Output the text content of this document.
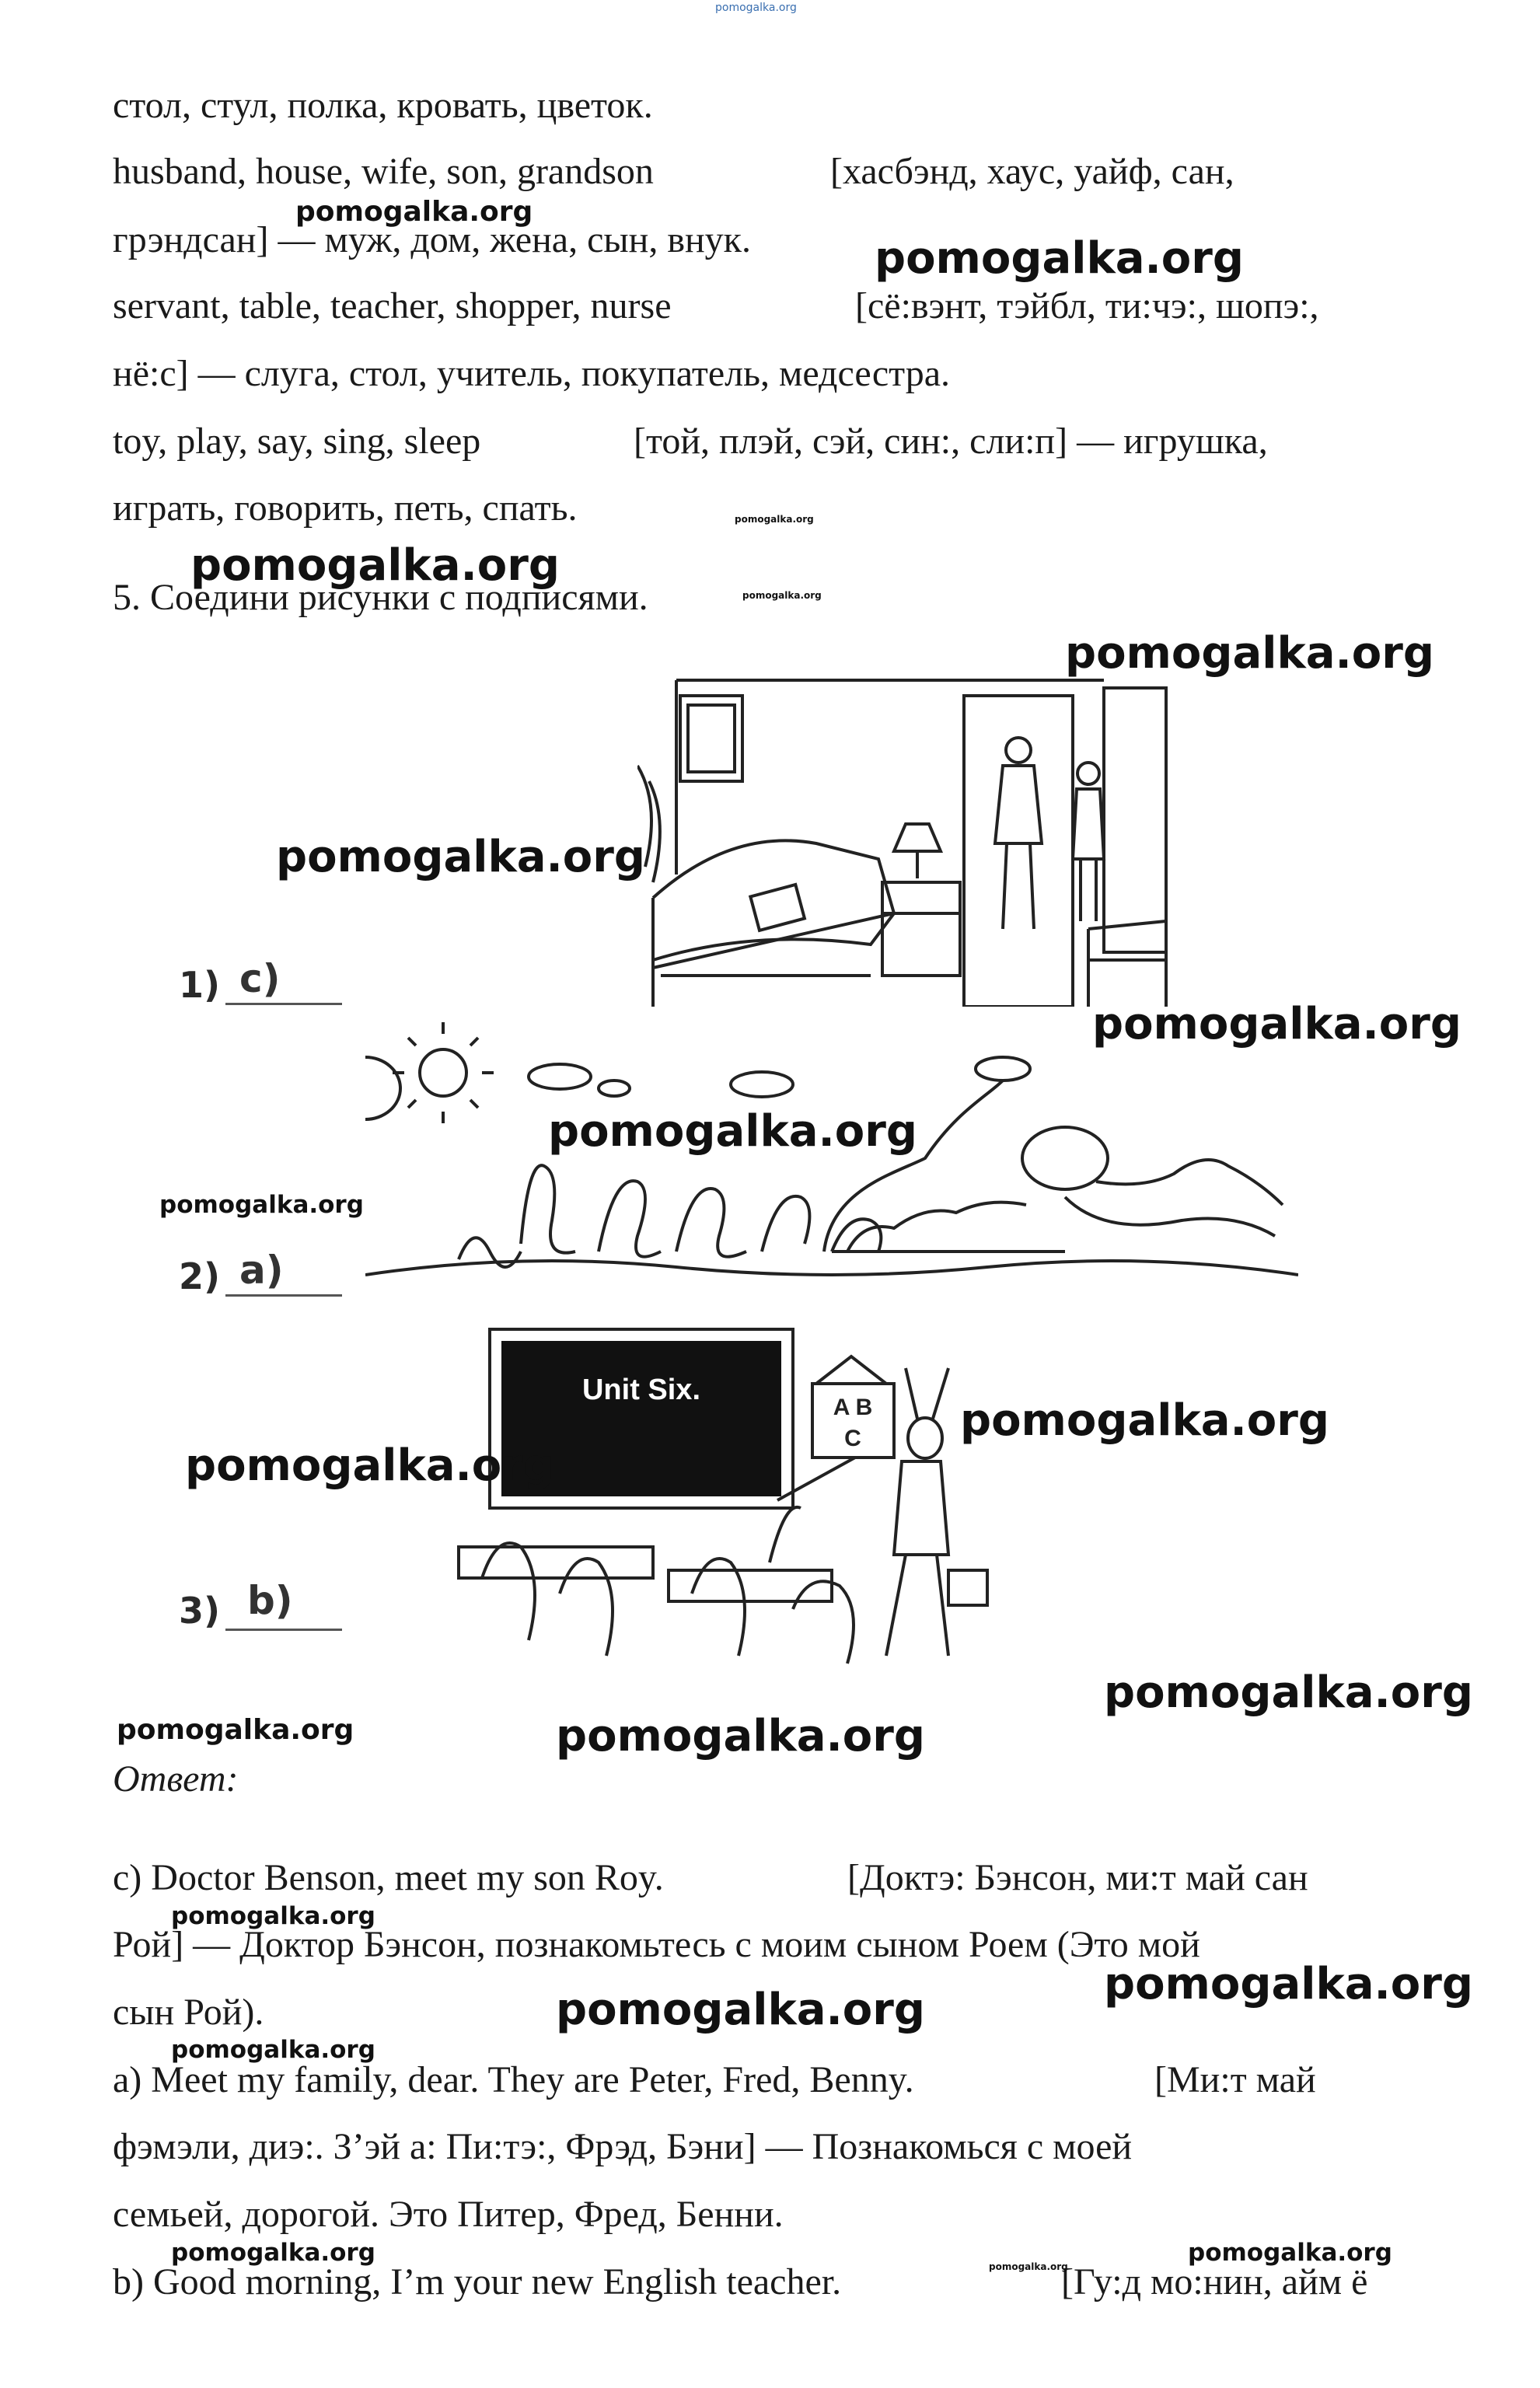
pomogalka.org
стол, стул, полка, кровать, цветок.
husband, house, wife, son, grandson	[хасбэнд, хаус, уайф, сан,
грэндсан] — муж, дом, жена, сын, внук.
servant, table, teacher, shopper, nurse	[сё:вэнт, тэйбл, ти:чэ:, шопэ:,
нё:с] — слуга, стол, учитель, покупатель, медсестра.
toy, play, say, sing, sleep	[той, плэй, сэй, син:, сли:п] — игрушка,
играть, говорить, петь, спать.
5. Соедини рисунки с подписями.
1) c)
2) a)
Unit Six.
A B
C
3) b)
Ответ:
c) Doctor Benson, meet my son Roy.	[Доктэ: Бэнсон, ми:т май сан
Рой] — Доктор Бэнсон, познакомьтесь с моим сыном Роем (Это мой
сын Рой).
a) Meet my family, dear. They are Peter, Fred, Benny.	[Ми:т май
фэмэли, диэ:. З’эй а: Пи:тэ:, Фрэд, Бэни] — Познакомься с моей
семьей, дорогой. Это Питер, Фред, Бенни.
b) Good morning, I’m your new English teacher.	[Гу:д мо:нин, айм ё
pomogalka.org
pomogalka.org
pomogalka.org
pomogalka.org
pomogalka.org
pomogalka.org
pomogalka.org
pomogalka.org
pomogalka.org
pomogalka.org
pomogalka.org
pomogalka.org
pomogalka.org
pomogalka.org	pomogalka.org
pomogalka.org
pomogalka.org
pomogalka.org
pomogalka.org
pomogalka.org	pomogalka.org
pomogalka.org
